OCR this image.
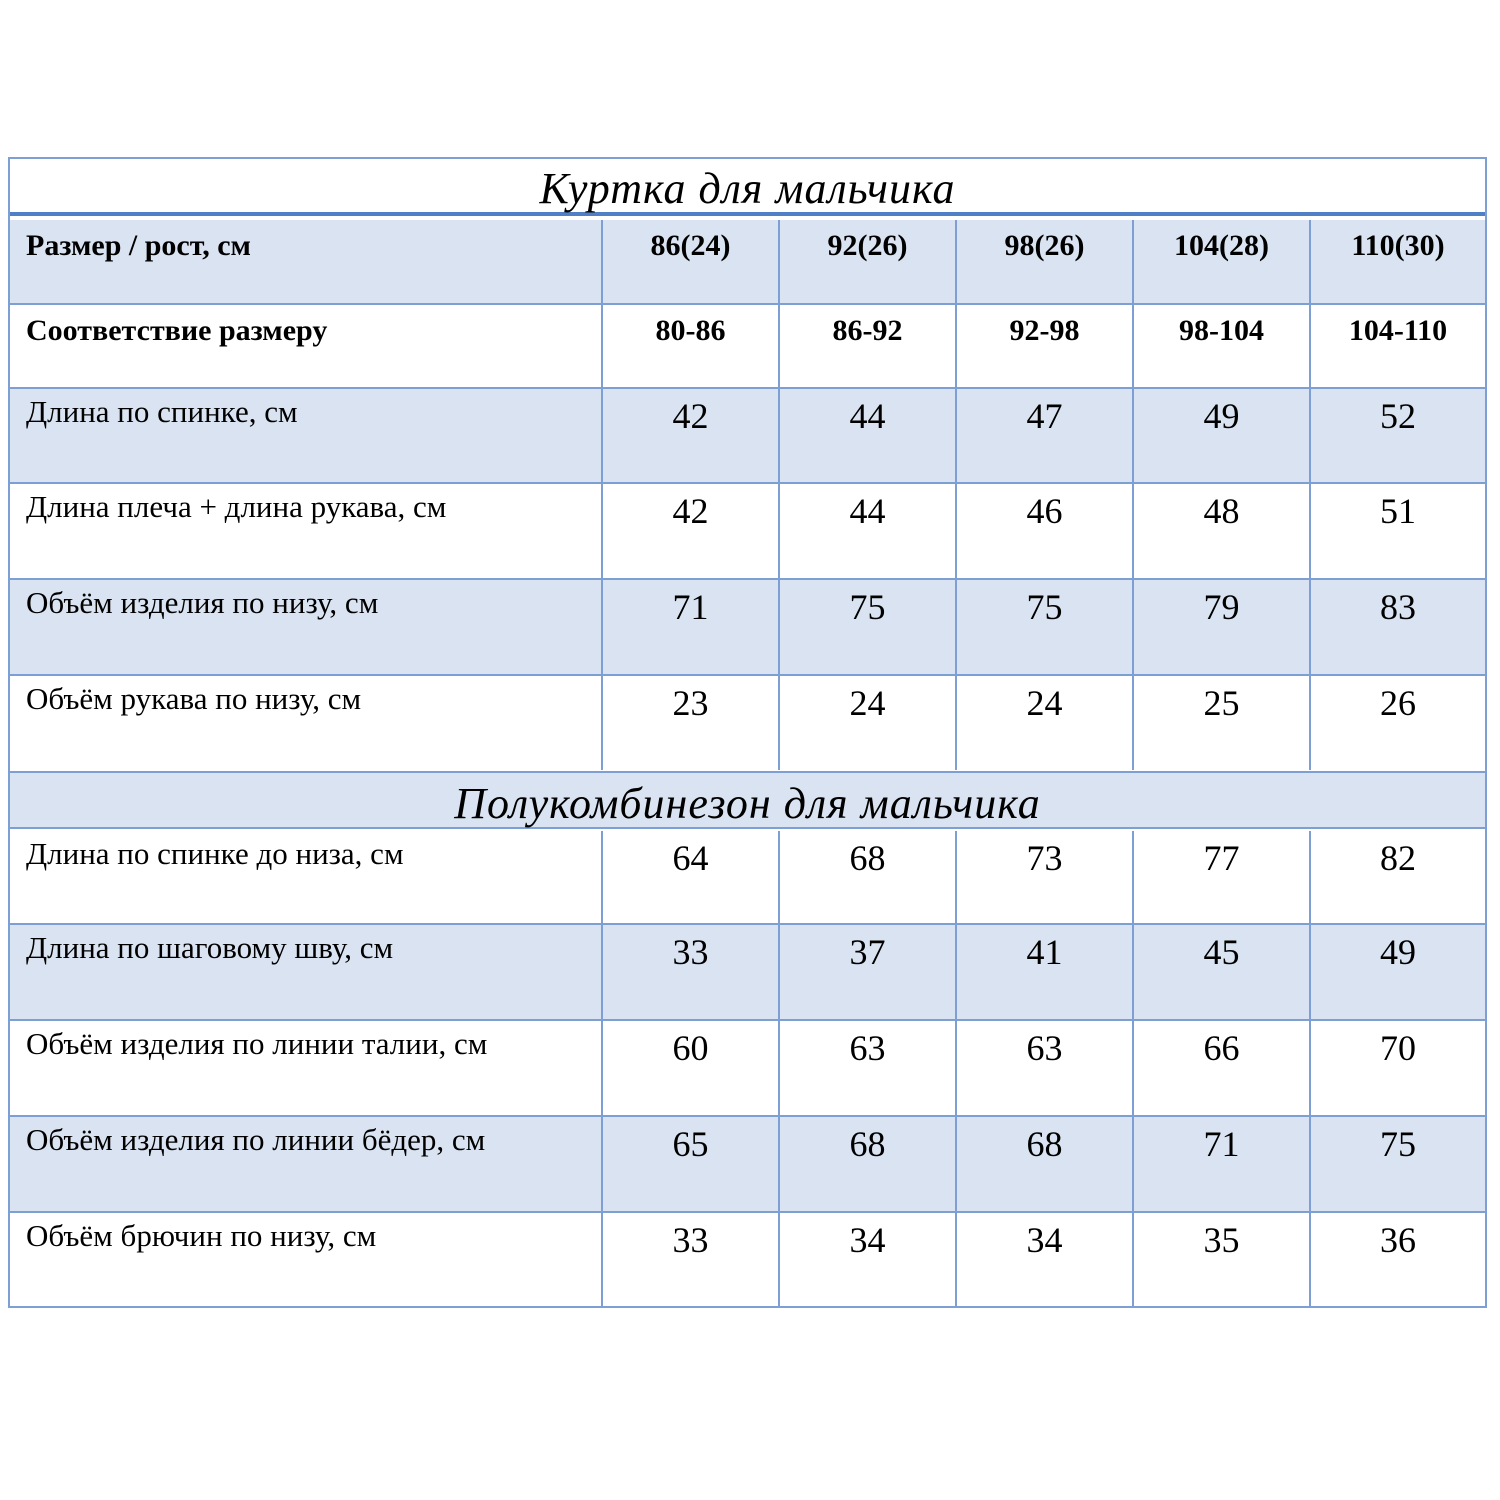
Куртка для мальчика
Размер / рост, см	86(24)	92(26)	98(26)	104(28)	110(30)
Соответствие размеру	80-86	86-92	92-98	98-104	104-110
Длина по спинке, см	42	44	47	49	52
Длина плеча + длина рукава, см	42	44	46	48	51
Объём изделия по низу, см	71	75	75	79	83
Объём рукава по низу, см	23	24	24	25	26
Полукомбинезон для мальчика
Длина по спинке до низа, см	64	68	73	77	82
Длина по шаговому шву, см	33	37	41	45	49
Объём изделия по линии талии, см	60	63	63	66	70
Объём изделия по линии бёдер, см	65	68	68	71	75
Объём брючин по низу, см	33	34	34	35	36
